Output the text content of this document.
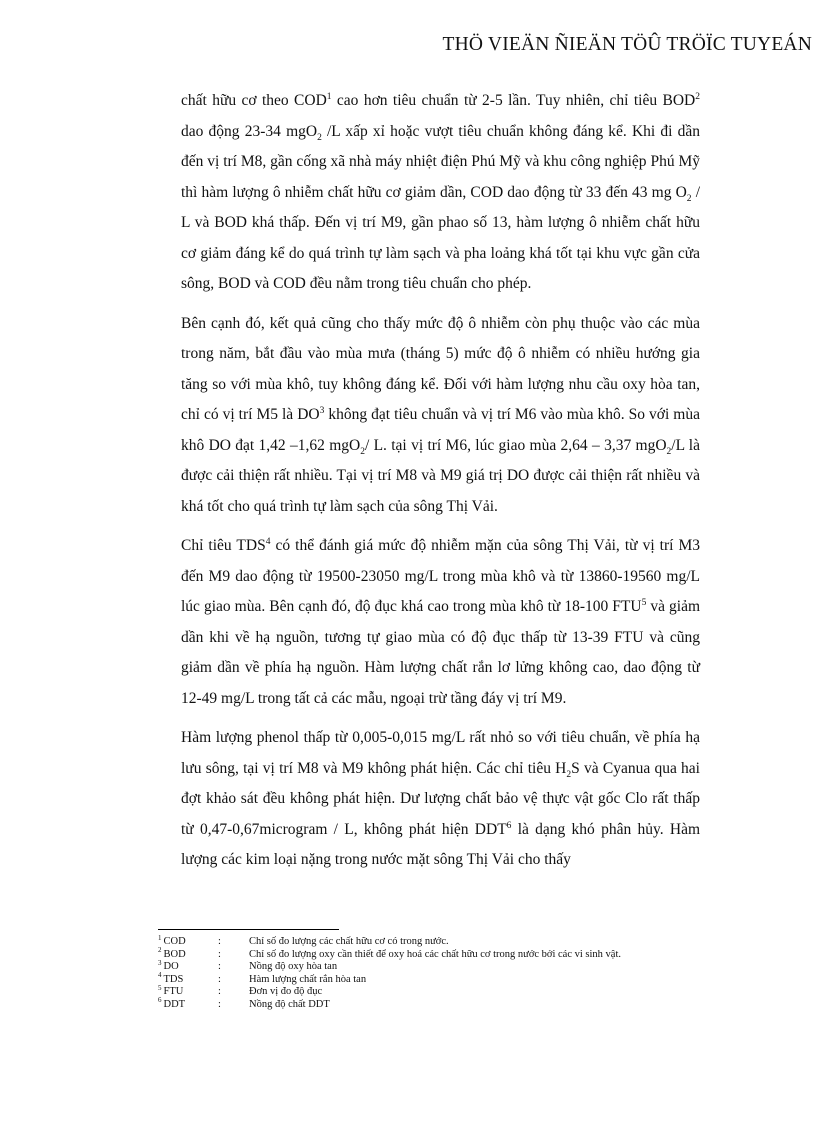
THÖ VIEÄN ÑIEÄN TÖÛ TRÖÏC TUYEÁN

chất hữu cơ theo COD$^1$ cao hơn tiêu chuẩn từ 2-5 lần. Tuy nhiên, chỉ tiêu BOD$^2$ dao động 23-34 mgO$_2$ /L xấp xỉ hoặc vượt tiêu chuẩn không đáng kể. Khi đi dần đến vị trí M8, gần cống xã nhà máy nhiệt điện Phú Mỹ và khu công nghiệp Phú Mỹ thì hàm lượng ô nhiễm chất hữu cơ giảm dần, COD dao động từ 33 đến 43 mg $O_2$ / L và BOD khá thấp. Đến vị trí M9, gần phao số 13, hàm lượng ô nhiễm chất hữu cơ giảm đáng kể do quá trình tự làm sạch và pha loảng khá tốt tại khu vực gần cửa sông, BOD và COD đều nằm trong tiêu chuẩn cho phép.

Bên cạnh đó, kết quả cũng cho thấy mức độ ô nhiễm còn phụ thuộc vào các mùa trong năm, bắt đầu vào mùa mưa (tháng 5) mức độ ô nhiễm có nhiều hướng gia tăng so với mùa khô, tuy không đáng kể. Đối với hàm lượng nhu cầu oxy hòa tan, chỉ có vị trí M5 là $DO^3$ không đạt tiêu chuẩn và vị trí M6 vào mùa khô. So với mùa khô DO đạt 1,42 –1,62 mgO$_2$/ L. tại vị trí M6, lúc giao mùa 2,64 – 3,37 mgO$_2$/L là được cải thiện rất nhiều. Tại vị trí M8 và M9 giá trị DO được cải thiện rất nhiều và khá tốt cho quá trình tự làm sạch của sông Thị Vải.

Chỉ tiêu TDS$^4$ có thể đánh giá mức độ nhiễm mặn của sông Thị Vải, từ vị trí M3 đến M9 dao động từ 19500-23050 mg/L trong mùa khô và từ 13860-19560 mg/L lúc giao mùa. Bên cạnh đó, độ đục khá cao trong mùa khô từ 18-100 FTU$^5$ và giảm dần khi về hạ nguồn, tương tự giao mùa có độ đục thấp từ 13-39 FTU và cũng giảm dần về phía hạ nguồn. Hàm lượng chất rắn lơ lửng không cao, dao động từ 12-49 mg/L trong tất cả các mẫu, ngoại trừ tầng đáy vị trí M9.

Hàm lượng phenol thấp từ 0,005-0,015 mg/L rất nhỏ so với tiêu chuẩn, về phía hạ lưu sông, tại vị trí M8 và M9 không phát hiện. Các chỉ tiêu $H_2S$ và Cyanua qua hai đợt khảo sát đều không phát hiện. Dư lượng chất bảo vệ thực vật gốc Clo rất thấp từ 0,47-0,67microgram / L, không phát hiện DDT$^6$ là dạng khó phân hủy. Hàm lượng các kim loại nặng trong nước mặt sông Thị Vải cho thấy

$^1$ COD	:	Chỉ số đo lượng các chất hữu cơ có trong nước.
$^2$ BOD	:	Chỉ số đo lượng oxy cần thiết để oxy hoá các chất hữu cơ trong nước bởi các vi sinh vật.
$^3$ DO	:	Nồng độ oxy hòa tan
$^4$ TDS	:	Hàm lượng chất rắn hòa tan
$^5$ FTU	:	Đơn vị đo độ đục
$^6$ DDT	:	Nồng độ chất DDT
